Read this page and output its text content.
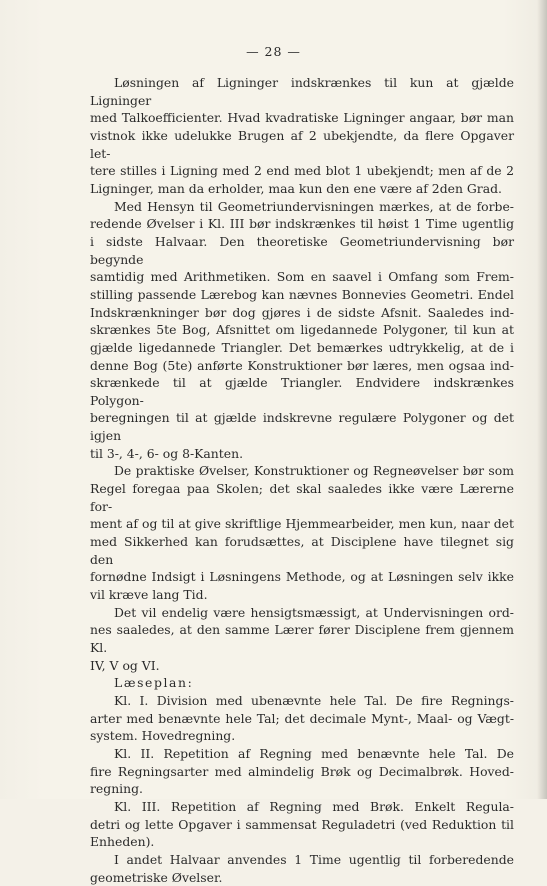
— 28 —

Løsningen af Ligninger indskrænkes til kun at gjælde Ligninger

med Talkoefficienter. Hvad kvadratiske Ligninger angaar, bør man

vistnok ikke udelukke Brugen af 2 ubekjendte, da flere Opgaver let-

tere stilles i Ligning med 2 end med blot 1 ubekjendt; men af de 2

Ligninger, man da erholder, maa kun den ene være af 2den Grad.

Med Hensyn til Geometriundervisningen mærkes, at de forbe-

redende Øvelser i Kl. III bør indskrænkes til høist 1 Time ugentlig

i sidste Halvaar. Den theoretiske Geometriundervisning bør begynde

samtidig med Arithmetiken. Som en saavel i Omfang som Frem-

stilling passende Lærebog kan nævnes Bonnevies Geometri. Endel

Indskrænkninger bør dog gjøres i de sidste Afsnit. Saaledes ind-

skrænkes 5te Bog, Afsnittet om ligedannede Polygoner, til kun at

gjælde ligedannede Triangler. Det bemærkes udtrykkelig, at de i

denne Bog (5te) anførte Konstruktioner bør læres, men ogsaa ind-

skrænkede til at gjælde Triangler. Endvidere indskrænkes Polygon-

beregningen til at gjælde indskrevne regulære Polygoner og det igjen

til 3-, 4-, 6- og 8-Kanten.

De praktiske Øvelser, Konstruktioner og Regneøvelser bør som

Regel foregaa paa Skolen; det skal saaledes ikke være Lærerne for-

ment af og til at give skriftlige Hjemmearbeider, men kun, naar det

med Sikkerhed kan forudsættes, at Disciplene have tilegnet sig den

fornødne Indsigt i Løsningens Methode, og at Løsningen selv ikke

vil kræve lang Tid.

Det vil endelig være hensigtsmæssigt, at Undervisningen ord-

nes saaledes, at den samme Lærer fører Disciplene frem gjennem Kl.

IV, V og VI.

Læseplan:

Kl. I. Division med ubenævnte hele Tal. De fire Regnings-

arter med benævnte hele Tal; det decimale Mynt-, Maal- og Vægt-

system. Hovedregning.

Kl. II. Repetition af Regning med benævnte hele Tal. De

fire Regningsarter med almindelig Brøk og Decimalbrøk. Hoved-

regning.

Kl. III. Repetition af Regning med Brøk. Enkelt Regula-

detri og lette Opgaver i sammensat Reguladetri (ved Reduktion til

Enheden).

I andet Halvaar anvendes 1 Time ugentlig til forberedende

geometriske Øvelser.
